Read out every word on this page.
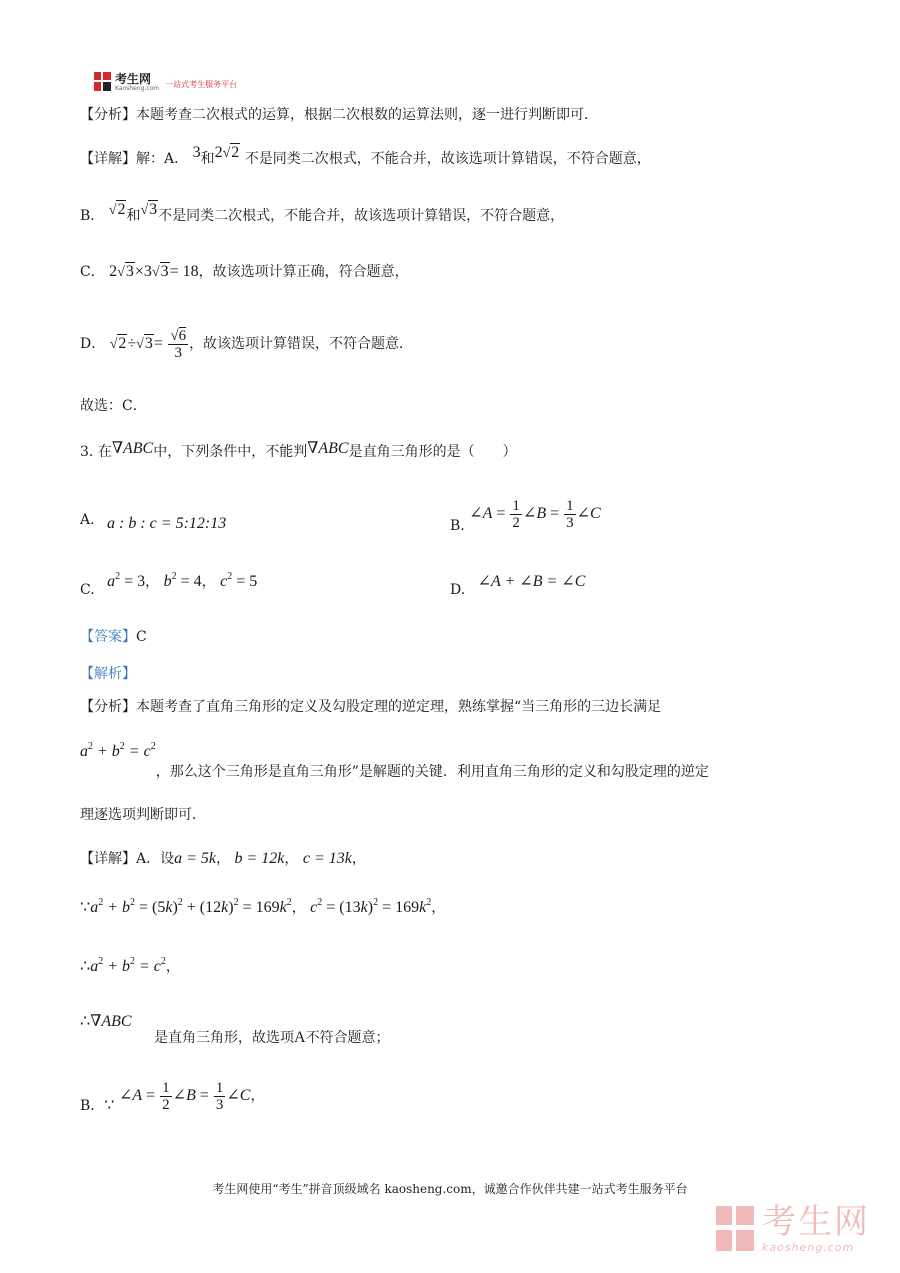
考生网
Kaosheng.com 一站式考生服务平台
【分析】本题考查二次根式的运算，根据二次根数的运算法则，逐一进行判断即可．
【详解】解：A． 3和2√2 不是同类二次根式，不能合并，故该选项计算错误，不符合题意，
B． √2和√3不是同类二次根式，不能合并，故该选项计算错误，不符合题意，
C． 2√3×3√3= 18，故该选项计算正确，符合题意，
D． $√2\div√3= \frac{√6}{3}$ ，故该选项计算错误，不符合题意．
故选：C．
3. 在∇ABC中，下列条件中，不能判∇ABC是直角三角形的是（　　）
A. a : b : c = 5:12:13	B. ∠A = $\frac{1}{2}$ ∠B = $\frac{1}{3}$ ∠C
C. $a^2 = 3$， $b^2 = 4$， $c^2 = 5$	D. ∠A + ∠B = ∠C
【答案】C
【解析】
【分析】本题考查了直角三角形的定义及勾股定理的逆定理，熟练掌握“当三角形的三边长满足
$a^2 + b^2 = c^2$，那么这个三角形是直角三角形”是解题的关键．利用直角三角形的定义和勾股定理的逆定
理逐选项判断即可．
【详解】A．设a = 5k， b = 12k， c = 13k，
$\because a^2 + b^2 = (5k)^2 + (12k)^2 = 169k^2$， $c^2 = (13k)^2 = 169k^2$，
$\therefore a^2 + b^2 = c^2$，
∴∇ABC
是直角三角形，故选项A不符合题意；
B．∵ ∠A = $\frac{1}{2}$ ∠B = $\frac{1}{3}$ ∠C，
考生网使用“考生”拼音顶级域名 kaosheng.com，诚邀合作伙伴共建一站式考生服务平台
考生网
kaosheng.com
